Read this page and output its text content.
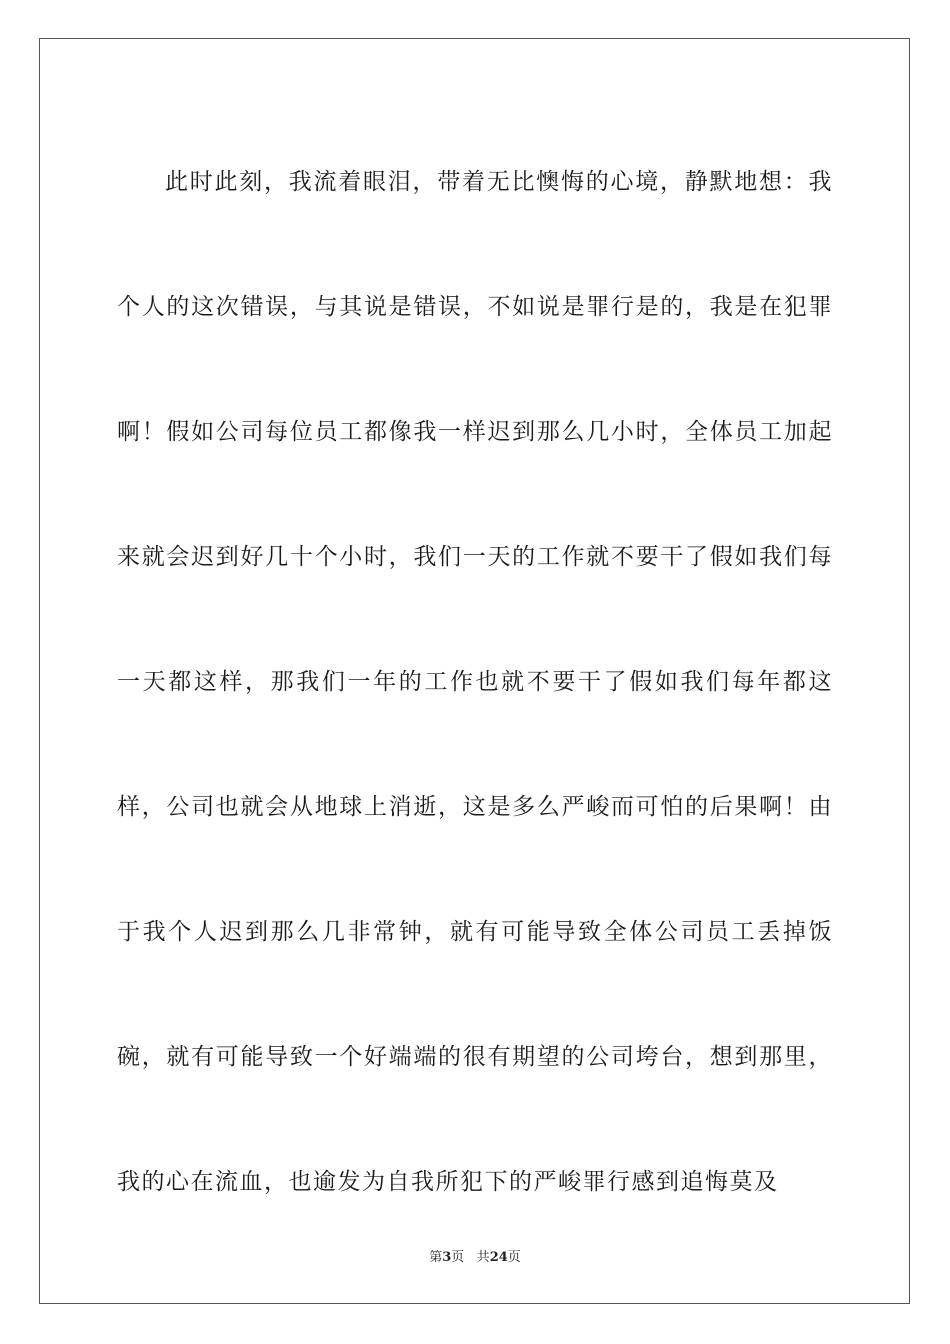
此时此刻，我流着眼泪，带着无比懊悔的心境，静默地想：我个人的这次错误，与其说是错误，不如说是罪行是的，我是在犯罪啊！假如公司每位员工都像我一样迟到那么几小时，全体员工加起来就会迟到好几十个小时，我们一天的工作就不要干了假如我们每一天都这样，那我们一年的工作也就不要干了假如我们每年都这样，公司也就会从地球上消逝，这是多么严峻而可怕的后果啊！由于我个人迟到那么几非常钟，就有可能导致全体公司员工丢掉饭碗，就有可能导致一个好端端的很有期望的公司垮台，想到那里，我的心在流血，也逾发为自我所犯下的严峻罪行感到追悔莫及

第3页 共24页
